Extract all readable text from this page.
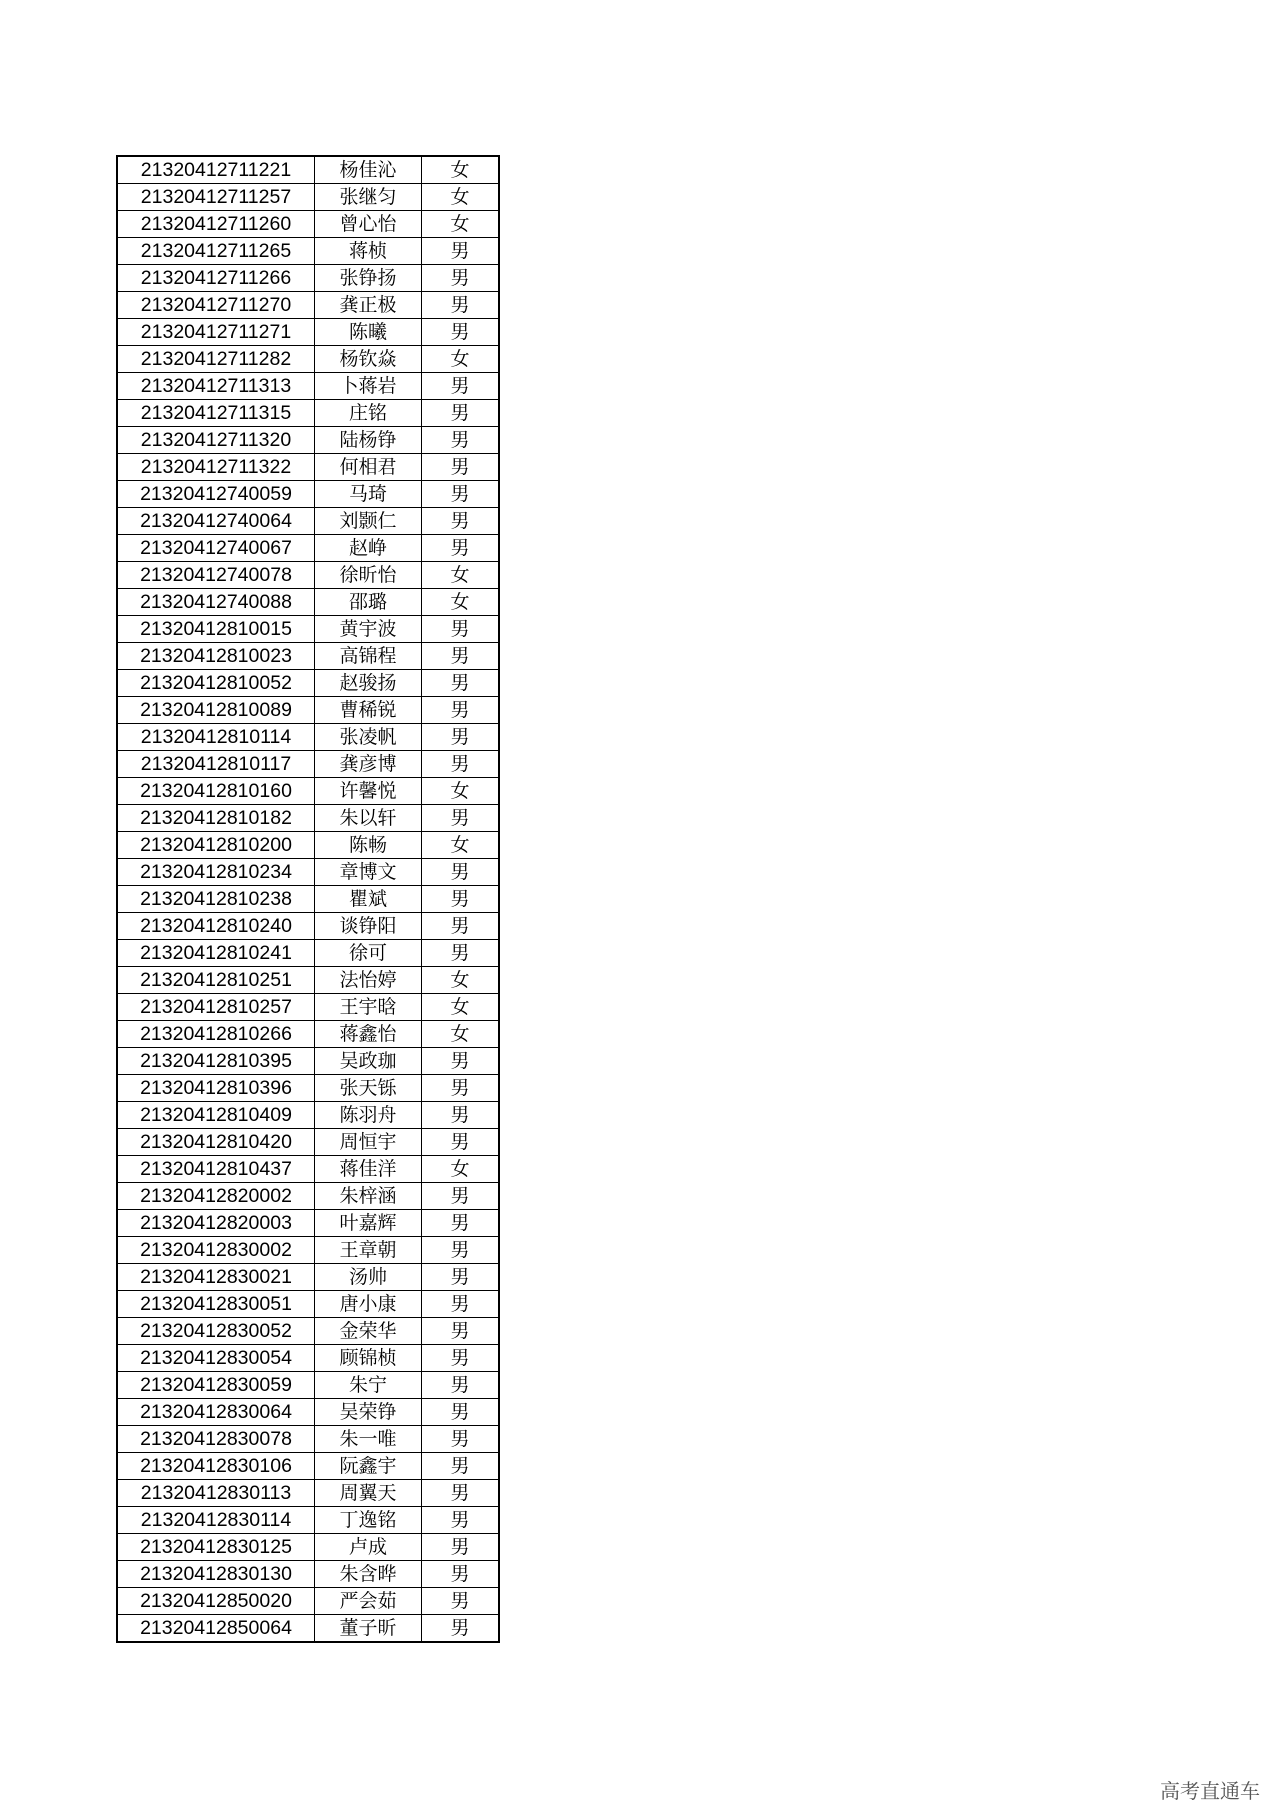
21320412711221	杨佳沁	女
21320412711257	张继匀	女
21320412711260	曾心怡	女
21320412711265	蒋桢	男
21320412711266	张铮扬	男
21320412711270	龚正极	男
21320412711271	陈曦	男
21320412711282	杨钦焱	女
21320412711313	卜蒋岩	男
21320412711315	庄铭	男
21320412711320	陆杨铮	男
21320412711322	何相君	男
21320412740059	马琦	男
21320412740064	刘颢仁	男
21320412740067	赵峥	男
21320412740078	徐昕怡	女
21320412740088	邵璐	女
21320412810015	黄宇波	男
21320412810023	高锦程	男
21320412810052	赵骏扬	男
21320412810089	曹稀锐	男
21320412810114	张凌帆	男
21320412810117	龚彦博	男
21320412810160	许馨悦	女
21320412810182	朱以轩	男
21320412810200	陈畅	女
21320412810234	章博文	男
21320412810238	瞿斌	男
21320412810240	谈铮阳	男
21320412810241	徐可	男
21320412810251	法怡婷	女
21320412810257	王宇晗	女
21320412810266	蒋鑫怡	女
21320412810395	吴政珈	男
21320412810396	张天铄	男
21320412810409	陈羽舟	男
21320412810420	周恒宇	男
21320412810437	蒋佳洋	女
21320412820002	朱梓涵	男
21320412820003	叶嘉辉	男
21320412830002	王章朝	男
21320412830021	汤帅	男
21320412830051	唐小康	男
21320412830052	金荣华	男
21320412830054	顾锦桢	男
21320412830059	朱宁	男
21320412830064	吴荣铮	男
21320412830078	朱一唯	男
21320412830106	阮鑫宇	男
21320412830113	周翼天	男
21320412830114	丁逸铭	男
21320412830125	卢成	男
21320412830130	朱含晔	男
21320412850020	严会茹	男
21320412850064	董子昕	男
高考直通车
